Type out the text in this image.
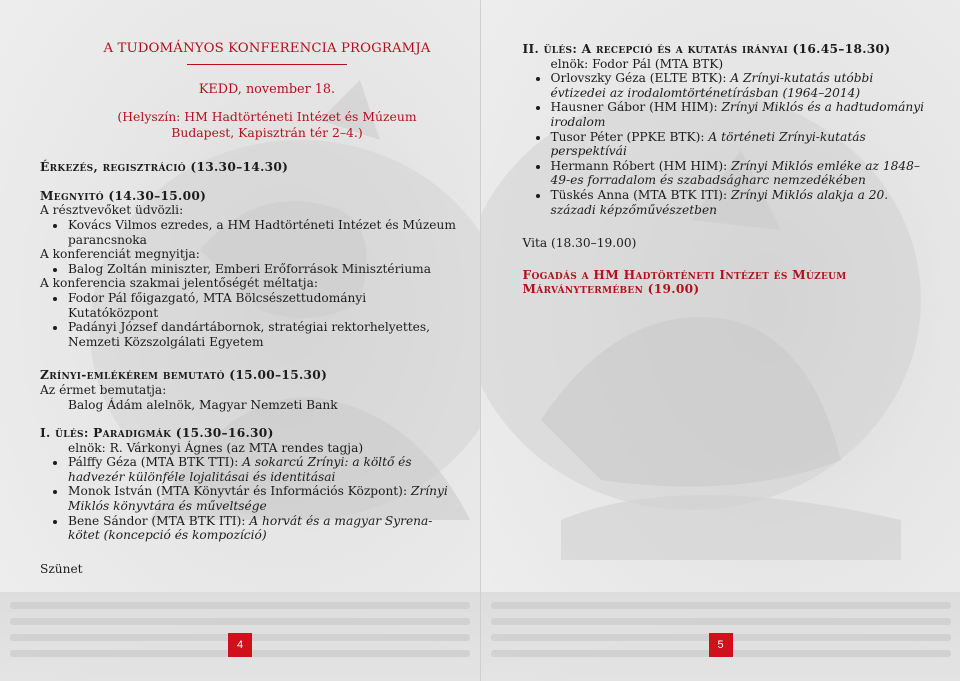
A TUDOMÁNYOS KONFERENCIA PROGRAMJA
KEDD, november 18.
(Helyszín: HM Hadtörténeti Intézet és Múzeum
Budapest, Kapisztrán tér 2–4.)
Érkezés, regisztráció (13.30–14.30)
Megnyitó (14.30–15.00)
A résztvevőket üdvözli:
Kovács Vilmos ezredes, a HM Hadtörténeti Intézet és Múzeum parancsnoka
A konferenciát megnyitja:
Balog Zoltán miniszter, Emberi Erőforrások Minisztériuma
A konferencia szakmai jelentőségét méltatja:
Fodor Pál főigazgató, MTA Bölcsészettudományi Kutatóközpont
Padányi József dandártábornok, stratégiai rektorhelyettes, Nemzeti Közszolgálati Egyetem
Zrínyi-emlékérem bemutató (15.00–15.30)
Az érmet bemutatja:
Balog Ádám alelnök, Magyar Nemzeti Bank
I. ülés: Paradigmák (15.30–16.30)
elnök: R. Várkonyi Ágnes (az MTA rendes tagja)
Pálffy Géza (MTA BTK TTI): A sokarcú Zrínyi: a költő és hadvezér különféle lojalitásai és identitásai
Monok István (MTA Könyvtár és Információs Központ): Zrínyi Miklós könyvtára és műveltsége
Bene Sándor (MTA BTK ITI): A horvát és a magyar Syrena-kötet (koncepció és kompozíció)
Szünet
4
II. ülés: A recepció és a kutatás irányai (16.45–18.30)
elnök: Fodor Pál (MTA BTK)
Orlovszky Géza (ELTE BTK): A Zrínyi-kutatás utóbbi évtizedei az irodalomtörténetírásban (1964–2014)
Hausner Gábor (HM HIM): Zrínyi Miklós és a hadtudományi irodalom
Tusor Péter (PPKE BTK): A történeti Zrínyi-kutatás perspektívái
Hermann Róbert (HM HIM): Zrínyi Miklós emléke az 1848–49-es forradalom és szabadságharc nemzedékében
Tüskés Anna (MTA BTK ITI): Zrínyi Miklós alakja a 20. századi képzőművészetben
Vita (18.30–19.00)
Fogadás a HM Hadtörténeti Intézet és Múzeum
Márványtermében (19.00)
5
